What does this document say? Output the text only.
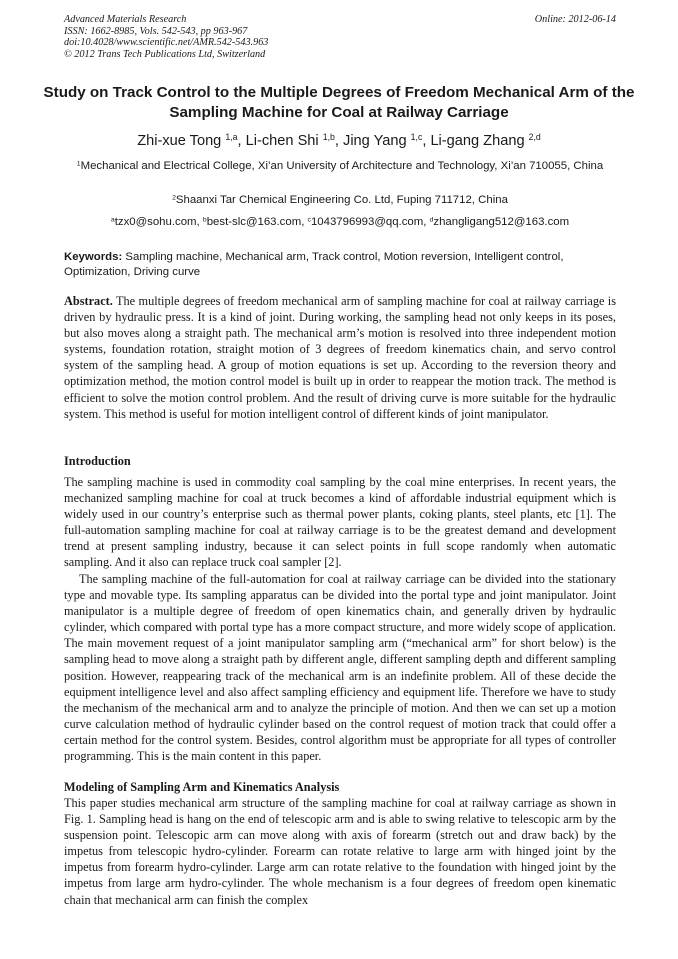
Advanced Materials Research
ISSN: 1662-8985, Vols. 542-543, pp 963-967
doi:10.4028/www.scientific.net/AMR.542-543.963
© 2012 Trans Tech Publications Ltd, Switzerland
Online: 2012-06-14
Study on Track Control to the Multiple Degrees of Freedom Mechanical Arm of the Sampling Machine for Coal at Railway Carriage
Zhi-xue Tong $^{1,a}$, Li-chen Shi $^{1,b}$, Jing Yang $^{1,c}$, Li-gang Zhang $^{2,d}$
$^1$Mechanical and Electrical College, Xi’an University of Architecture and Technology, Xi’an 710055, China
$^2$Shaanxi Tar Chemical Engineering Co. Ltd, Fuping 711712, China
$^a$tzx0@sohu.com, $^b$best-slc@163.com, $^c$1043796993@qq.com, $^d$zhangligang512@163.com
Keywords: Sampling machine, Mechanical arm, Track control, Motion reversion, Intelligent control, Optimization, Driving curve

Abstract. The multiple degrees of freedom mechanical arm of sampling machine for coal at railway carriage is driven by hydraulic press. It is a kind of joint. During working, the sampling head not only keeps in its poses, but also moves along a straight path. The mechanical arm’s motion is resolved into three independent motion systems, foundation rotation, straight motion of 3 degrees of freedom kinematics chain, and servo control system of the sampling head. A group of motion equations is set up. According to the reversion theory and optimization method, the motion control model is built up in order to reappear the motion track. The method is efficient to solve the motion control problem. And the result of driving curve is more suitable for the hydraulic system. This method is useful for motion intelligent control of different kinds of joint manipulator.

Introduction

The sampling machine is used in commodity coal sampling by the coal mine enterprises. In recent years, the mechanized sampling machine for coal at truck becomes a kind of affordable industrial equipment which is widely used in our country’s enterprise such as thermal power plants, coking plants, steel plants, etc [1]. The full-automation sampling machine for coal at railway carriage is to be the greatest demand and development trend at present sampling industry, because it can select points in full scope randomly when automatic sampling. And it also can replace truck coal sampler [2].

The sampling machine of the full-automation for coal at railway carriage can be divided into the stationary type and movable type. Its sampling apparatus can be divided into the portal type and joint manipulator. Joint manipulator is a multiple degree of freedom of open kinematics chain, and generally driven by hydraulic cylinder, which compared with portal type has a more compact structure, and more widely scope of application. The main movement request of a joint manipulator sampling arm (“mechanical arm” for short below) is the sampling head to move along a straight path by different angle, different sampling depth and different sampling position. However, reappearing track of the mechanical arm is an indefinite problem. All of these decide the equipment intelligence level and also affect sampling efficiency and equipment life. Therefore we have to study the mechanism of the mechanical arm and to analyze the principle of motion. And then we can set up a motion curve calculation method of hydraulic cylinder based on the control request of motion track that could offer a certain method for the control system. Besides, control algorithm must be appropriate for all types of controller programming. This is the main content in this paper.

Modeling of Sampling Arm and Kinematics Analysis

This paper studies mechanical arm structure of the sampling machine for coal at railway carriage as shown in Fig. 1. Sampling head is hang on the end of telescopic arm and is able to swing relative to telescopic arm by the suspension point. Telescopic arm can move along with axis of forearm (stretch out and draw back) by the impetus from telescopic hydro-cylinder. Forearm can rotate relative to large arm with hinged joint by the impetus from forearm hydro-cylinder. Large arm can rotate relative to the foundation with hinged joint by the impetus from large arm hydro-cylinder. The whole mechanism is a four degrees of freedom open kinematic chain that mechanical arm can finish the complex
